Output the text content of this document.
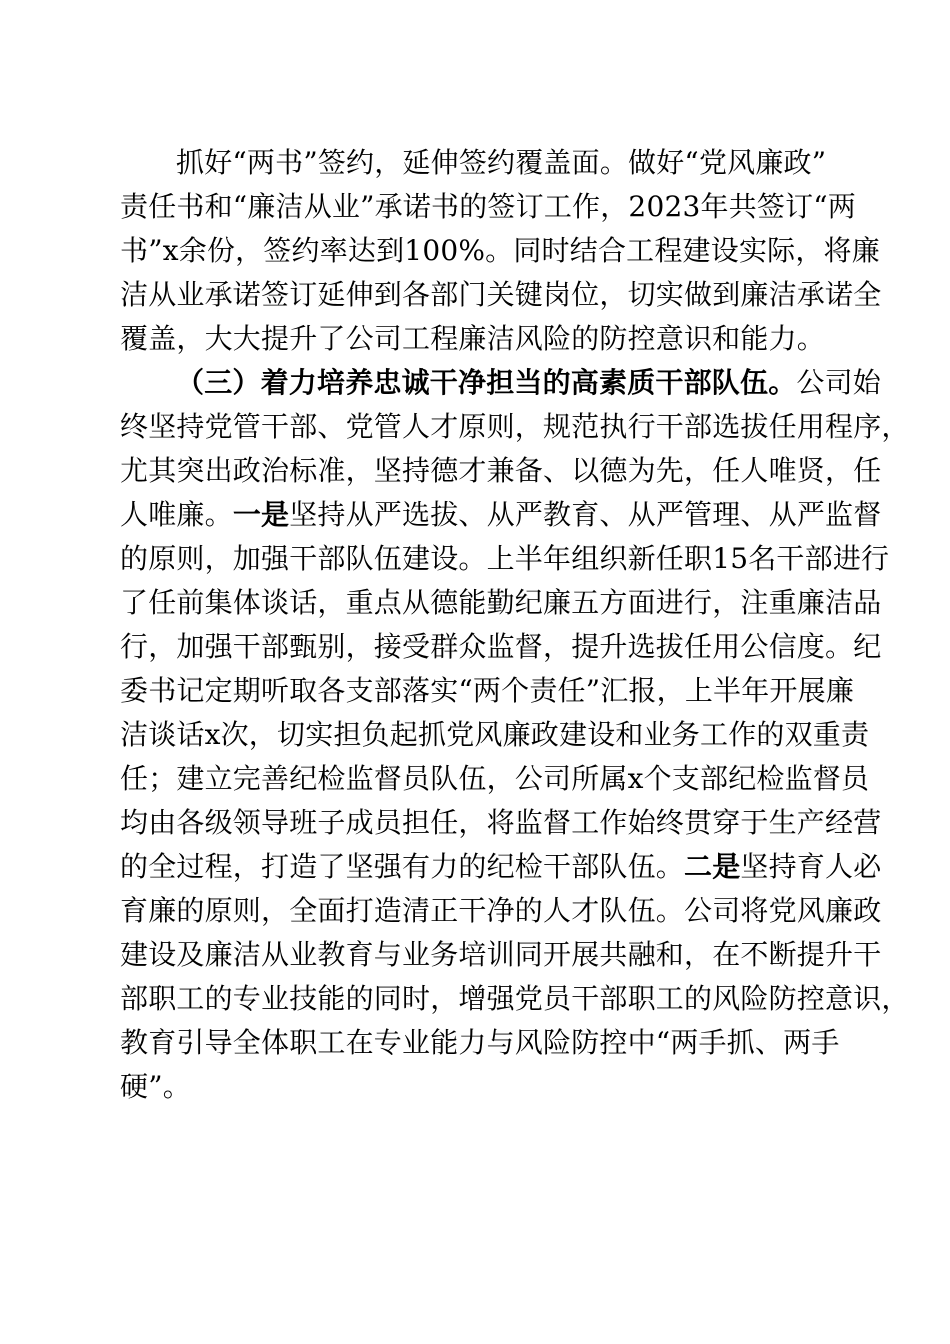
抓好“两书”签约，延伸签约覆盖面。做好“党风廉政”
责任书和“廉洁从业”承诺书的签订工作，2023年共签订“两
书”x余份，签约率达到100%。同时结合工程建设实际，将廉
洁从业承诺签订延伸到各部门关键岗位，切实做到廉洁承诺全
覆盖，大大提升了公司工程廉洁风险的防控意识和能力。
（三）着力培养忠诚干净担当的高素质干部队伍。公司始
终坚持党管干部、党管人才原则，规范执行干部选拔任用程序，
尤其突出政治标准，坚持德才兼备、以德为先，任人唯贤，任
人唯廉。一是坚持从严选拔、从严教育、从严管理、从严监督
的原则，加强干部队伍建设。上半年组织新任职15名干部进行
了任前集体谈话，重点从德能勤纪廉五方面进行，注重廉洁品
行，加强干部甄别，接受群众监督，提升选拔任用公信度。纪
委书记定期听取各支部落实“两个责任”汇报，上半年开展廉
洁谈话x次，切实担负起抓党风廉政建设和业务工作的双重责
任；建立完善纪检监督员队伍，公司所属x个支部纪检监督员
均由各级领导班子成员担任，将监督工作始终贯穿于生产经营
的全过程，打造了坚强有力的纪检干部队伍。二是坚持育人必
育廉的原则，全面打造清正干净的人才队伍。公司将党风廉政
建设及廉洁从业教育与业务培训同开展共融和，在不断提升干
部职工的专业技能的同时，增强党员干部职工的风险防控意识，
教育引导全体职工在专业能力与风险防控中“两手抓、两手
硬”。
